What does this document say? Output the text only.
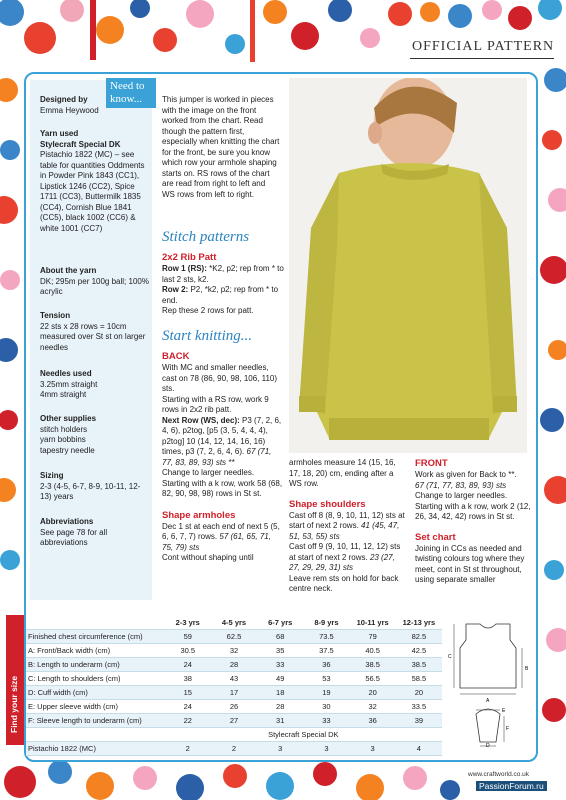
OFFICIAL PATTERN
Need to know...
Designed by
Emma Heywood
Yarn used
Stylecraft Special DK
Pistachio 1822 (MC) – see table for quantities Oddments in Powder Pink 1843 (CC1), Lipstick 1246 (CC2), Spice 1711 (CC3), Buttermilk 1835 (CC4), Cornish Blue 1841 (CC5), black 1002 (CC6) & white 1001 (CC7)
About the yarn
DK; 295m per 100g ball; 100% acrylic
Tension
22 sts x 28 rows = 10cm measured over St st on larger needles
Needles used
3.25mm straight
4mm straight
Other supplies
stitch holders
yarn bobbins
tapestry needle
Sizing
2-3 (4-5, 6-7, 8-9, 10-11, 12-13) years
Abbreviations
See page 78 for all abbreviations
This jumper is worked in pieces with the image on the front worked from the chart. Read though the pattern first, especially when knitting the chart for the front, be sure you know which row your armhole shaping starts on. RS rows of the chart are read from right to left and WS rows from left to right.
Stitch patterns
2x2 Rib Patt
Row 1 (RS): *K2, p2; rep from * to last 2 sts, k2.
Row 2: P2, *k2, p2; rep from * to end.
Rep these 2 rows for patt.
Start knitting...
BACK
With MC and smaller needles, cast on 78 (86, 90, 98, 106, 110) sts.
Starting with a RS row, work 9 rows in 2x2 rib patt.
Next Row (WS, dec): P3 (7, 2, 6, 4, 6), p2tog, [p5 (3, 5, 4, 4, 4), p2tog] 10 (14, 12, 14, 16, 16) times, p3 (7, 2, 6, 4, 6). 67 (71, 77, 83, 89, 93) sts **
Change to larger needles.
Starting with a k row, work 58 (68, 82, 90, 98, 98) rows in St st.
Shape armholes
Dec 1 st at each end of next 5 (5, 6, 6, 7, 7) rows. 57 (61, 65, 71, 75, 79) sts
Cont without shaping until
armholes measure 14 (15, 16, 17, 18, 20) cm, ending after a WS row.
Shape shoulders
Cast off 8 (8, 9, 10, 11, 12) sts at start of next 2 rows. 41 (45, 47, 51, 53, 55) sts
Cast off 9 (9, 10, 11, 12, 12) sts at start of next 2 rows. 23 (27, 27, 29, 29, 31) sts
Leave rem sts on hold for back centre neck.
FRONT
Work as given for Back to **.
67 (71, 77, 83, 89, 93) sts
Change to larger needles.
Starting with a k row, work 2 (12, 26, 34, 42, 42) rows in St st.
Set chart
Joining in CCs as needed and twisting colours tog where they meet, cont in St st throughout, using separate smaller
Find your size
	2-3 yrs	4-5 yrs	6-7 yrs	8-9 yrs	10-11 yrs	12-13 yrs
Finished chest circumference (cm)	59	62.5	68	73.5	79	82.5
A: Front/Back width (cm)	30.5	32	35	37.5	40.5	42.5
B: Length to underarm (cm)	24	28	33	36	38.5	38.5
C: Length to shoulders (cm)	38	43	49	53	56.5	58.5
D: Cuff width (cm)	15	17	18	19	20	20
E: Upper sleeve width (cm)	24	26	28	30	32	33.5
F: Sleeve length to underarm (cm)	22	27	31	33	36	39
	Stylecraft Special DK					
Pistachio 1822 (MC)	2	2	3	3	3	4
A
B
C
D
E
F
www.craftworld.co.uk
PassionForum.ru
